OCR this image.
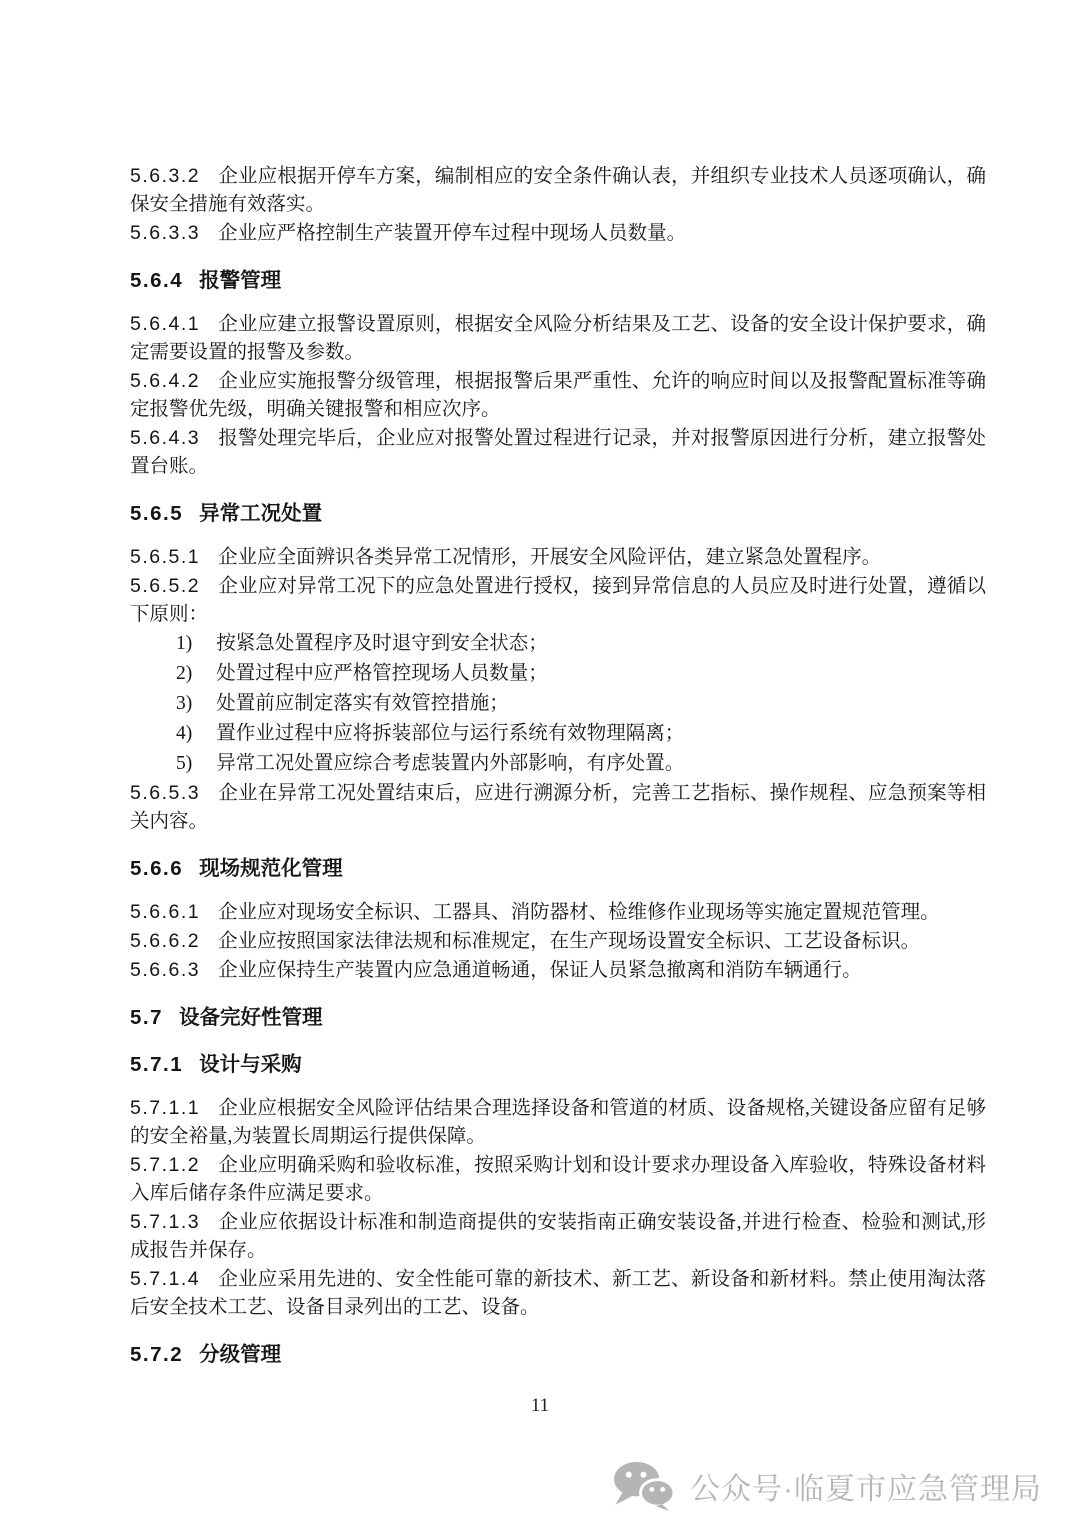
5.6.3.2 企业应根据开停车方案，编制相应的安全条件确认表，并组织专业技术人员逐项确认，确保安全措施有效落实。
5.6.3.3 企业应严格控制生产装置开停车过程中现场人员数量。
5.6.4 报警管理
5.6.4.1 企业应建立报警设置原则，根据安全风险分析结果及工艺、设备的安全设计保护要求，确定需要设置的报警及参数。
5.6.4.2 企业应实施报警分级管理，根据报警后果严重性、允许的响应时间以及报警配置标准等确定报警优先级，明确关键报警和相应次序。
5.6.4.3 报警处理完毕后，企业应对报警处置过程进行记录，并对报警原因进行分析，建立报警处置台账。
5.6.5 异常工况处置
5.6.5.1 企业应全面辨识各类异常工况情形，开展安全风险评估，建立紧急处置程序。
5.6.5.2 企业应对异常工况下的应急处置进行授权，接到异常信息的人员应及时进行处置，遵循以下原则：
1) 按紧急处置程序及时退守到安全状态；
2) 处置过程中应严格管控现场人员数量；
3) 处置前应制定落实有效管控措施；
4) 置作业过程中应将拆装部位与运行系统有效物理隔离；
5) 异常工况处置应综合考虑装置内外部影响，有序处置。
5.6.5.3 企业在异常工况处置结束后，应进行溯源分析，完善工艺指标、操作规程、应急预案等相关内容。
5.6.6 现场规范化管理
5.6.6.1 企业应对现场安全标识、工器具、消防器材、检维修作业现场等实施定置规范管理。
5.6.6.2 企业应按照国家法律法规和标准规定，在生产现场设置安全标识、工艺设备标识。
5.6.6.3 企业应保持生产装置内应急通道畅通，保证人员紧急撤离和消防车辆通行。
5.7 设备完好性管理
5.7.1 设计与采购
5.7.1.1 企业应根据安全风险评估结果合理选择设备和管道的材质、设备规格,关键设备应留有足够的安全裕量,为装置长周期运行提供保障。
5.7.1.2 企业应明确采购和验收标准，按照采购计划和设计要求办理设备入库验收，特殊设备材料入库后储存条件应满足要求。
5.7.1.3 企业应依据设计标准和制造商提供的安装指南正确安装设备,并进行检查、检验和测试,形成报告并保存。
5.7.1.4 企业应采用先进的、安全性能可靠的新技术、新工艺、新设备和新材料。禁止使用淘汰落后安全技术工艺、设备目录列出的工艺、设备。
5.7.2 分级管理
11
公众号·临夏市应急管理局
